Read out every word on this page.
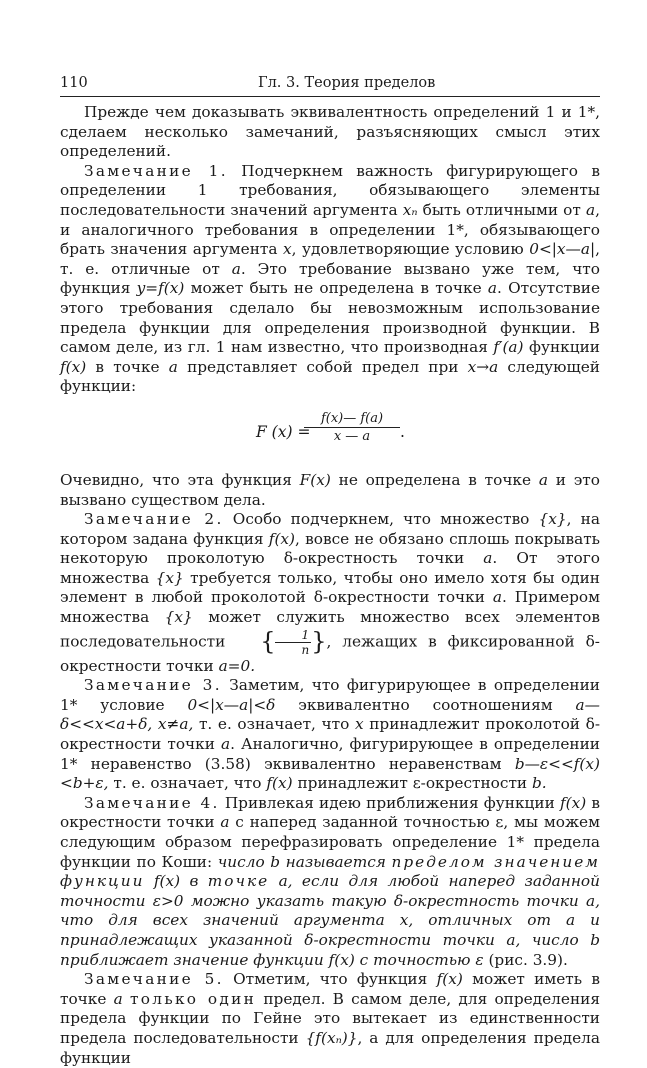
110	Гл. 3. Теория пределов

Прежде чем доказывать эквивалентность определений 1 и 1*, сделаем несколько замечаний, разъясняющих смысл этих определений.

Замечание 1. Подчеркнем важность фигурирующего в определении 1 требования, обязывающего элементы последовательности значений аргумента xₙ быть отличными от a, и аналогичного требования в определении 1*, обязывающего брать значения аргумента x, удовлетворяющие условию 0<|x—a|, т. е. отличные от a. Это требование вызвано уже тем, что функция y=f(x) может быть не определена в точке a. Отсутствие этого требования сделало бы невозможным использование предела функции для определения производной функции. В самом деле, из гл. 1 нам известно, что производная f′(a) функции f(x) в точке a представляет собой предел при x→a следующей функции:

F (x) =
$\frac{f(x)— f(a)}{x — a}$ .

Очевидно, что эта функция F(x) не определена в точке a и это вызвано существом дела.

Замечание 2. Особо подчеркнем, что множество {x}, на котором задана функция f(x), вовсе не обязано сплошь покрывать некоторую проколотую δ-окрестность точки a. От этого множества {x} требуется только, чтобы оно имело хотя бы один элемент в любой проколотой δ-окрестности точки a. Примером множества {x} может служить множество всех элементов последовательности { $\frac{1}{n}$ }, лежащих в фиксированной δ-окрестности точки a=0.

Замечание 3. Заметим, что фигурирующее в определении 1* условие 0<|x—a|<δ эквивалентно соотношениям a—δ<<x<a+δ, x≠a, т. е. означает, что x принадлежит проколотой δ-окрестности точки a. Аналогично, фигурирующее в определении 1* неравенство (3.58) эквивалентно неравенствам b—ε<<f(x)<b+ε, т. е. означает, что f(x) принадлежит ε-окрестности b.

Замечание 4. Привлекая идею приближения функции f(x) в окрестности точки a с наперед заданной точностью ε, мы можем следующим образом перефразировать определение 1* предела функции по Коши: число b называется пределом значением функции f(x) в точке a, если для любой наперед заданной точности ε>0 можно указать такую δ-окрестность точки a, что для всех значений аргумента x, отличных от a и принадлежащих указанной δ-окрестности точки a, число b приближает значение функции f(x) с точностью ε (рис. 3.9).

Замечание 5. Отметим, что функция f(x) может иметь в точке a только один предел. В самом деле, для определения предела функции по Гейне это вытекает из единственности предела последовательности {f(xₙ)}, а для определения предела функции
